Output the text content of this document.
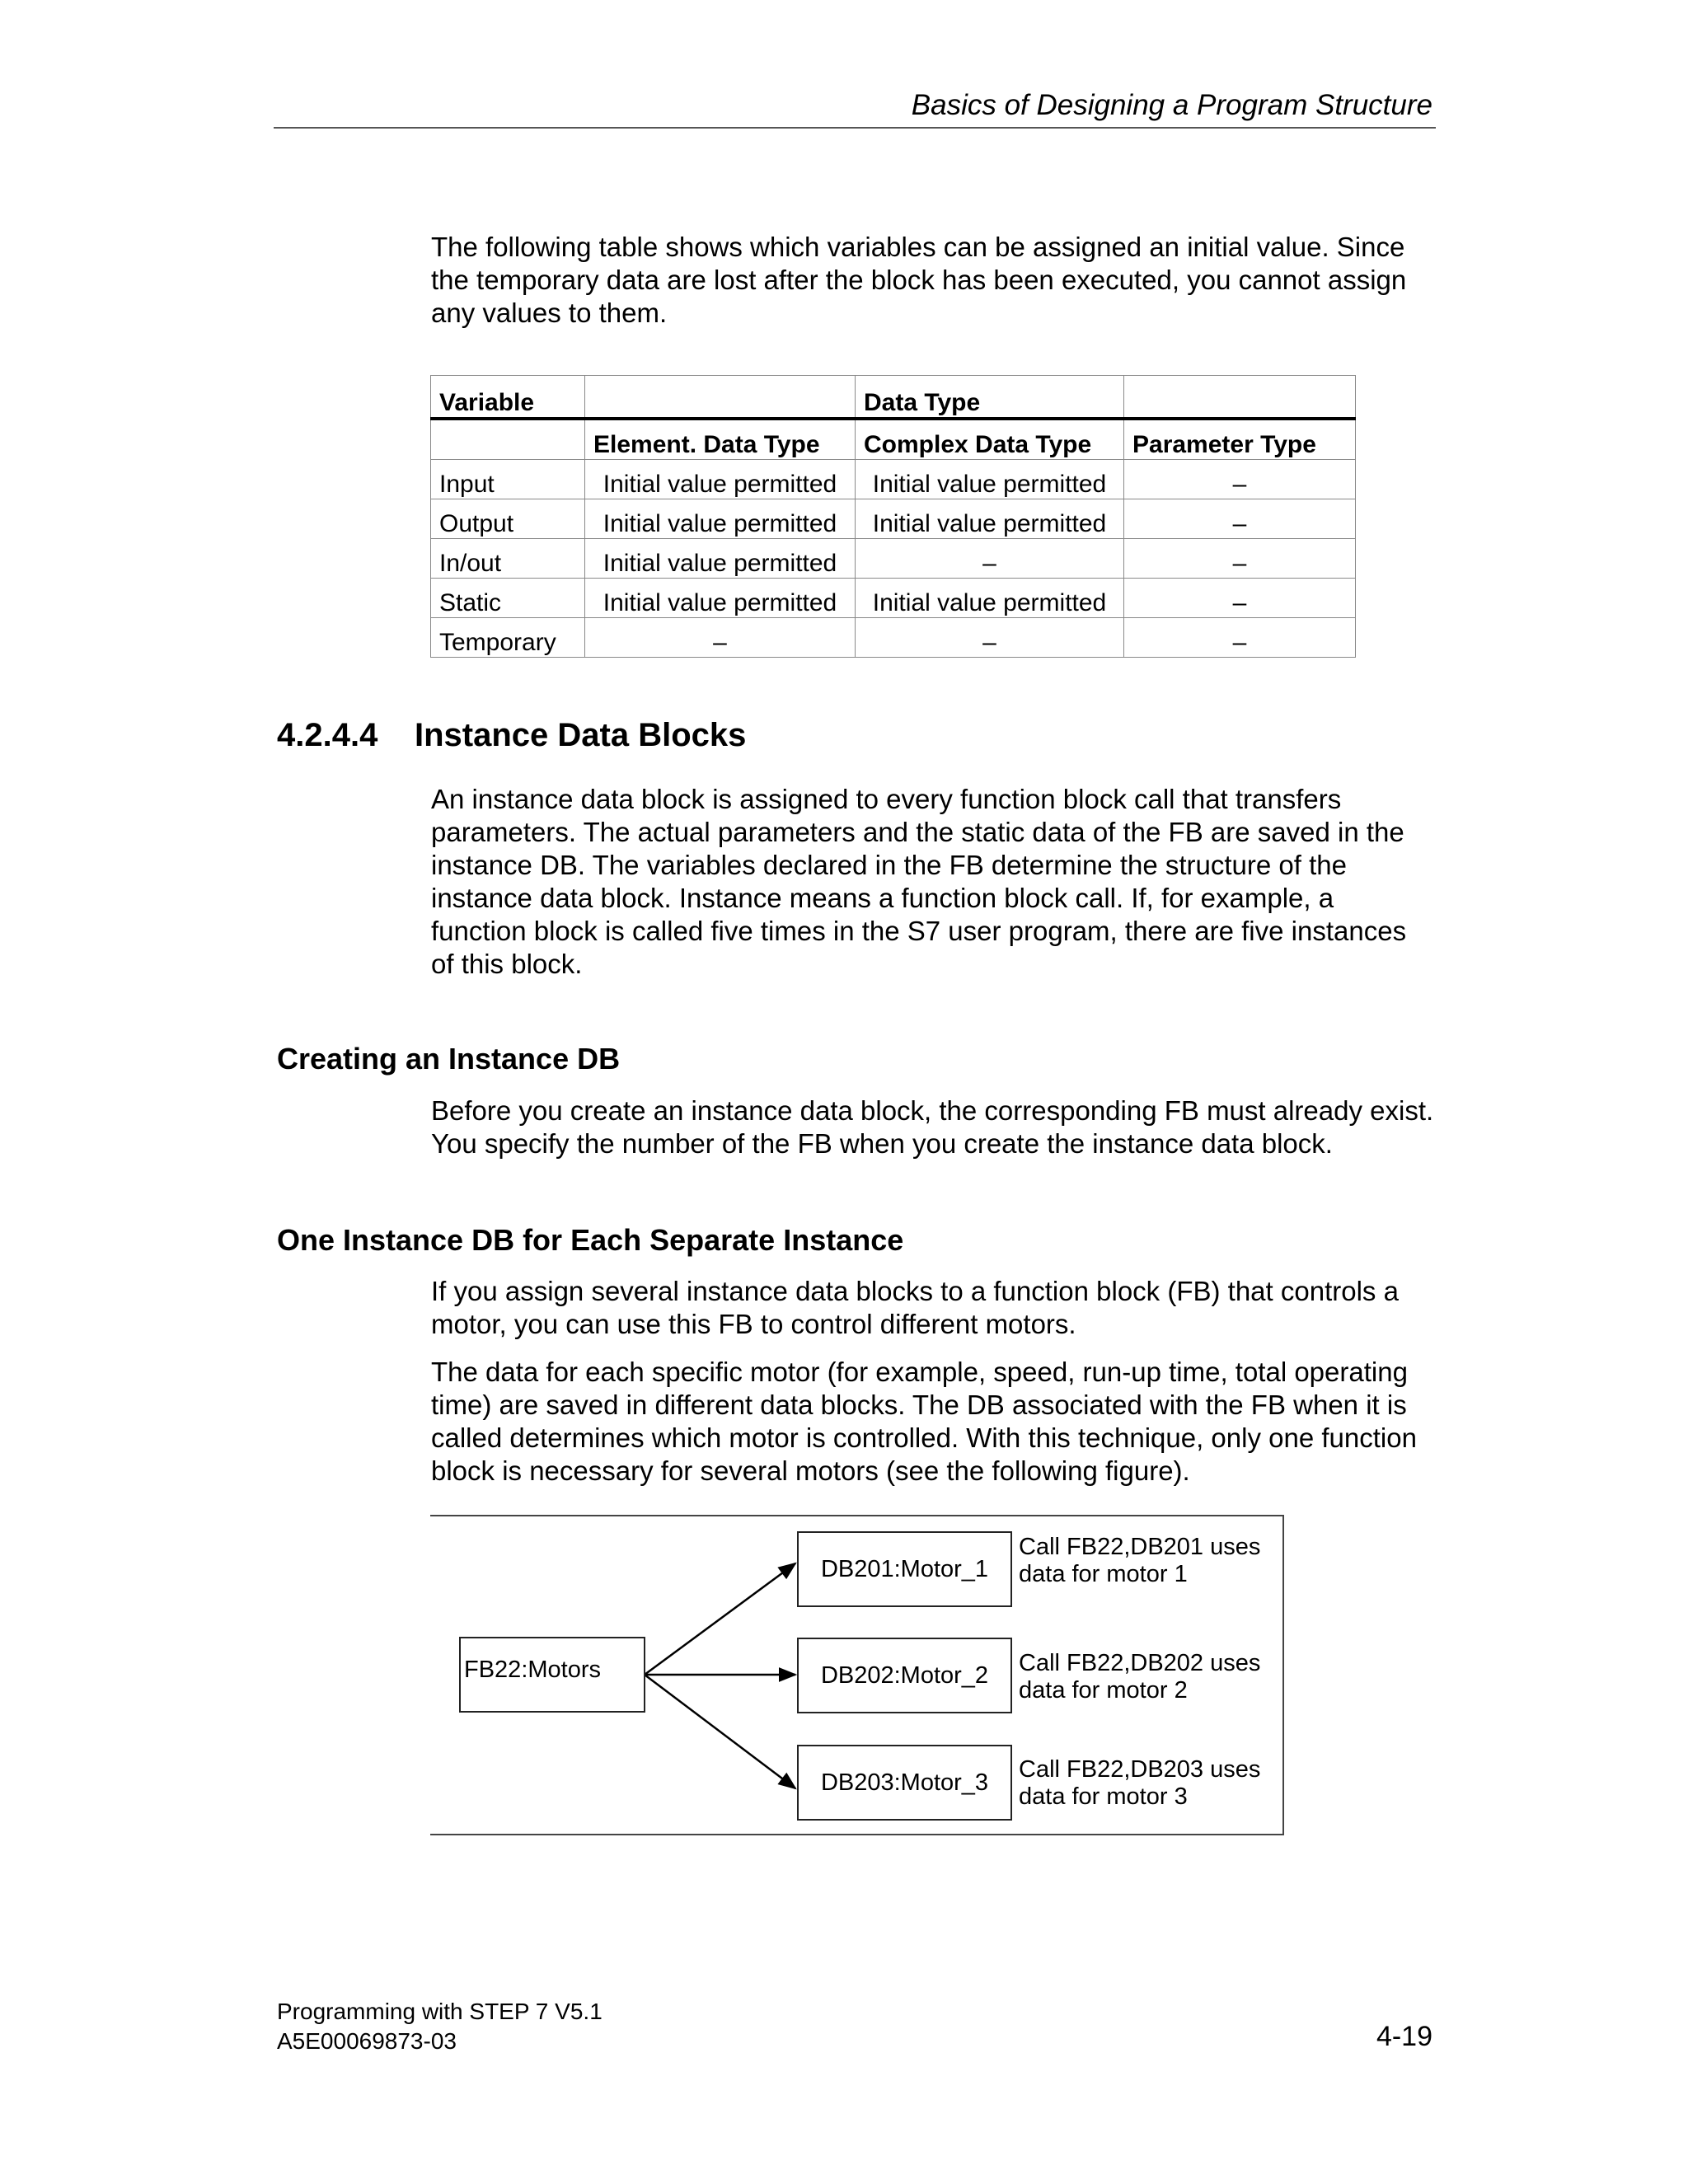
Basics of Designing a Program Structure
The following table shows which variables can be assigned an initial value. Since
the temporary data are lost after the block has been executed, you cannot assign
any values to them.
Variable		Data Type	
	Element. Data Type	Complex Data Type	Parameter Type
Input	Initial value permitted	Initial value permitted	–
Output	Initial value permitted	Initial value permitted	–
In/out	Initial value permitted	–	–
Static	Initial value permitted	Initial value permitted	–
Temporary	–	–	–
4.2.4.4 Instance Data Blocks
An instance data block is assigned to every function block call that transfers
parameters. The actual parameters and the static data of the FB are saved in the
instance DB. The variables declared in the FB determine the structure of the
instance data block. Instance means a function block call. If, for example, a
function block is called five times in the S7 user program, there are five instances
of this block.
Creating an Instance DB
Before you create an instance data block, the corresponding FB must already exist.
You specify the number of the FB when you create the instance data block.
One Instance DB for Each Separate Instance
If you assign several instance data blocks to a function block (FB) that controls a
motor, you can use this FB to control different motors.
The data for each specific motor (for example, speed, run-up time, total operating
time) are saved in different data blocks. The DB associated with the FB when it is
called determines which motor is controlled. With this technique, only one function
block is necessary for several motors (see the following figure).
FB22:Motors
DB201:Motor_1
DB202:Motor_2
DB203:Motor_3
Call FB22,DB201 uses
data for motor 1
Call FB22,DB202 uses
data for motor 2
Call FB22,DB203 uses
data for motor 3
Programming with STEP 7 V5.1
A5E00069873-03	4-19
